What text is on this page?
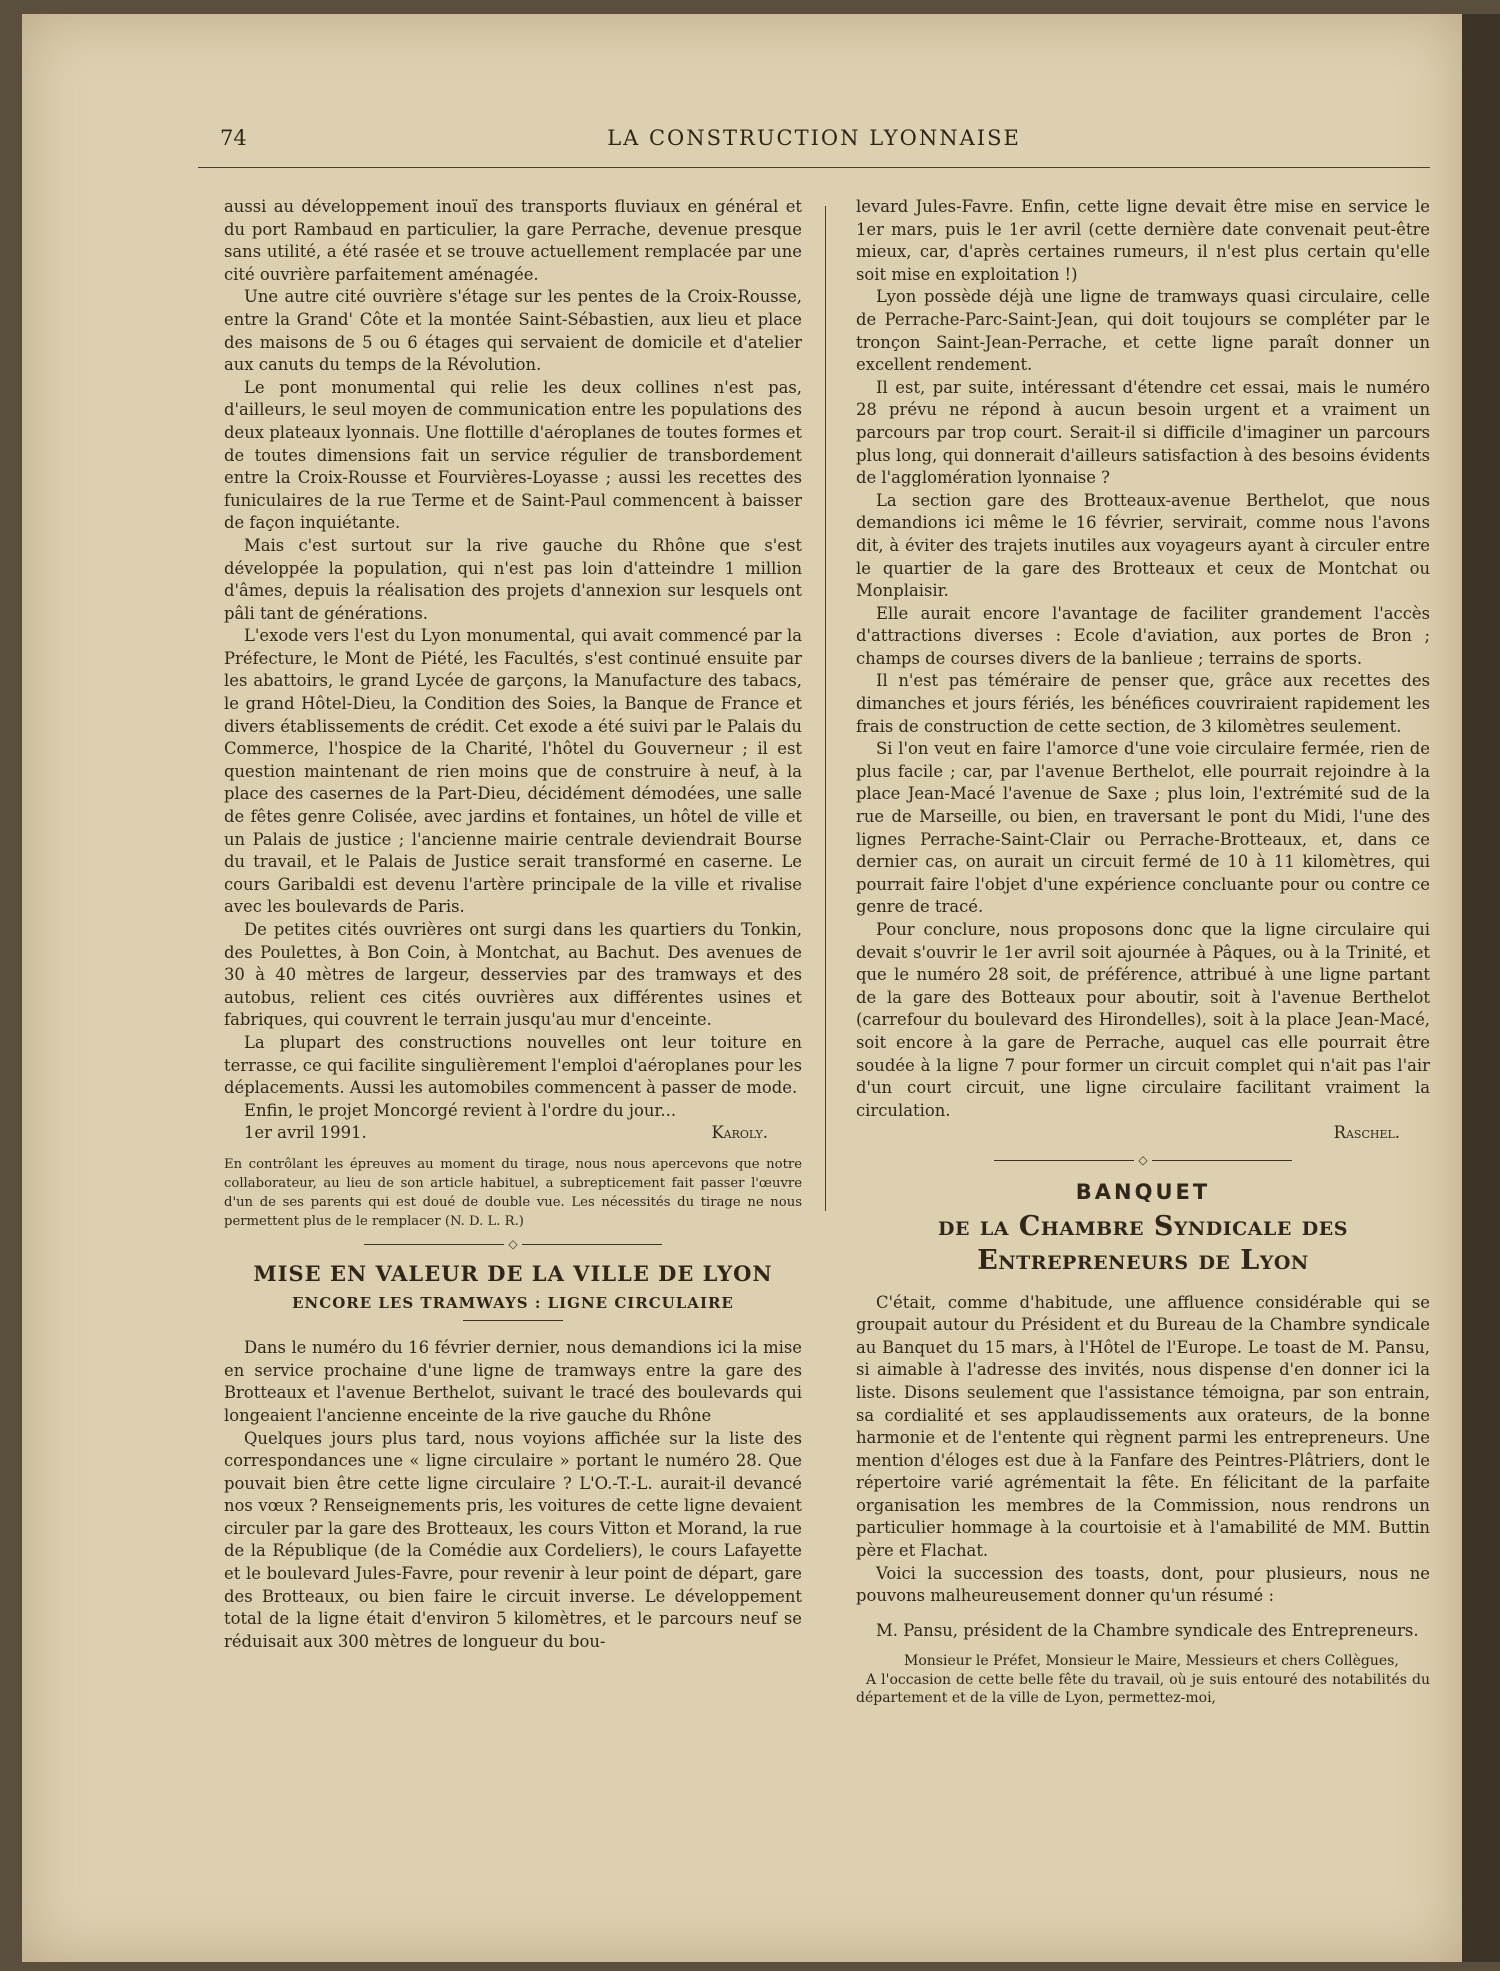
74	LA CONSTRUCTION LYONNAISE

aussi au développement inouï des transports fluviaux en général et du port Rambaud en particulier, la gare Perrache, devenue presque sans utilité, a été rasée et se trouve actuellement remplacée par une cité ouvrière parfaitement aménagée.

Une autre cité ouvrière s'étage sur les pentes de la Croix-Rousse, entre la Grand' Côte et la montée Saint-Sébastien, aux lieu et place des maisons de 5 ou 6 étages qui servaient de domicile et d'atelier aux canuts du temps de la Révolution.

Le pont monumental qui relie les deux collines n'est pas, d'ailleurs, le seul moyen de communication entre les populations des deux plateaux lyonnais. Une flottille d'aéroplanes de toutes formes et de toutes dimensions fait un service régulier de transbordement entre la Croix-Rousse et Fourvières-Loyasse ; aussi les recettes des funiculaires de la rue Terme et de Saint-Paul commencent à baisser de façon inquiétante.

Mais c'est surtout sur la rive gauche du Rhône que s'est développée la population, qui n'est pas loin d'atteindre 1 million d'âmes, depuis la réalisation des projets d'annexion sur lesquels ont pâli tant de générations.

L'exode vers l'est du Lyon monumental, qui avait commencé par la Préfecture, le Mont de Piété, les Facultés, s'est continué ensuite par les abattoirs, le grand Lycée de garçons, la Manufacture des tabacs, le grand Hôtel-Dieu, la Condition des Soies, la Banque de France et divers établissements de crédit. Cet exode a été suivi par le Palais du Commerce, l'hospice de la Charité, l'hôtel du Gouverneur ; il est question maintenant de rien moins que de construire à neuf, à la place des casernes de la Part-Dieu, décidément démodées, une salle de fêtes genre Colisée, avec jardins et fontaines, un hôtel de ville et un Palais de justice ; l'ancienne mairie centrale deviendrait Bourse du travail, et le Palais de Justice serait transformé en caserne. Le cours Garibaldi est devenu l'artère principale de la ville et rivalise avec les boulevards de Paris.

De petites cités ouvrières ont surgi dans les quartiers du Tonkin, des Poulettes, à Bon Coin, à Montchat, au Bachut. Des avenues de 30 à 40 mètres de largeur, desservies par des tramways et des autobus, relient ces cités ouvrières aux différentes usines et fabriques, qui couvrent le terrain jusqu'au mur d'enceinte.

La plupart des constructions nouvelles ont leur toiture en terrasse, ce qui facilite singulièrement l'emploi d'aéroplanes pour les déplacements. Aussi les automobiles commencent à passer de mode.

Enfin, le projet Moncorgé revient à l'ordre du jour...

1er avril 1991.	Karoly.

En contrôlant les épreuves au moment du tirage, nous nous apercevons que notre collaborateur, au lieu de son article habituel, a subrepticement fait passer l'œuvre d'un de ses parents qui est doué de double vue. Les nécessités du tirage ne nous permettent plus de le remplacer (N. D. L. R.)

◇
MISE EN VALEUR DE LA VILLE DE LYON
ENCORE LES TRAMWAYS : LIGNE CIRCULAIRE

Dans le numéro du 16 février dernier, nous demandions ici la mise en service prochaine d'une ligne de tramways entre la gare des Brotteaux et l'avenue Berthelot, suivant le tracé des boulevards qui longeaient l'ancienne enceinte de la rive gauche du Rhône

Quelques jours plus tard, nous voyions affichée sur la liste des correspondances une « ligne circulaire » portant le numéro 28. Que pouvait bien être cette ligne circulaire ? L'O.-T.-L. aurait-il devancé nos vœux ? Renseignements pris, les voitures de cette ligne devaient circuler par la gare des Brotteaux, les cours Vitton et Morand, la rue de la République (de la Comédie aux Cordeliers), le cours Lafayette et le boulevard Jules-Favre, pour revenir à leur point de départ, gare des Brotteaux, ou bien faire le circuit inverse. Le développement total de la ligne était d'environ 5 kilomètres, et le parcours neuf se réduisait aux 300 mètres de longueur du bou-

levard Jules-Favre. Enfin, cette ligne devait être mise en service le 1er mars, puis le 1er avril (cette dernière date convenait peut-être mieux, car, d'après certaines rumeurs, il n'est plus certain qu'elle soit mise en exploitation !)

Lyon possède déjà une ligne de tramways quasi circulaire, celle de Perrache-Parc-Saint-Jean, qui doit toujours se compléter par le tronçon Saint-Jean-Perrache, et cette ligne paraît donner un excellent rendement.

Il est, par suite, intéressant d'étendre cet essai, mais le numéro 28 prévu ne répond à aucun besoin urgent et a vraiment un parcours par trop court. Serait-il si difficile d'imaginer un parcours plus long, qui donnerait d'ailleurs satisfaction à des besoins évidents de l'agglomération lyonnaise ?

La section gare des Brotteaux-avenue Berthelot, que nous demandions ici même le 16 février, servirait, comme nous l'avons dit, à éviter des trajets inutiles aux voyageurs ayant à circuler entre le quartier de la gare des Brotteaux et ceux de Montchat ou Monplaisir.

Elle aurait encore l'avantage de faciliter grandement l'accès d'attractions diverses : Ecole d'aviation, aux portes de Bron ; champs de courses divers de la banlieue ; terrains de sports.

Il n'est pas téméraire de penser que, grâce aux recettes des dimanches et jours fériés, les bénéfices couvriraient rapidement les frais de construction de cette section, de 3 kilomètres seulement.

Si l'on veut en faire l'amorce d'une voie circulaire fermée, rien de plus facile ; car, par l'avenue Berthelot, elle pourrait rejoindre à la place Jean-Macé l'avenue de Saxe ; plus loin, l'extrémité sud de la rue de Marseille, ou bien, en traversant le pont du Midi, l'une des lignes Perrache-Saint-Clair ou Perrache-Brotteaux, et, dans ce dernier cas, on aurait un circuit fermé de 10 à 11 kilomètres, qui pourrait faire l'objet d'une expérience concluante pour ou contre ce genre de tracé.

Pour conclure, nous proposons donc que la ligne circulaire qui devait s'ouvrir le 1er avril soit ajournée à Pâques, ou à la Trinité, et que le numéro 28 soit, de préférence, attribué à une ligne partant de la gare des Botteaux pour aboutir, soit à l'avenue Berthelot (carrefour du boulevard des Hirondelles), soit à la place Jean-Macé, soit encore à la gare de Perrache, auquel cas elle pourrait être soudée à la ligne 7 pour former un circuit complet qui n'ait pas l'air d'un court circuit, une ligne circulaire facilitant vraiment la circulation.

Raschel.

◇
BANQUET
de la Chambre Syndicale des Entrepreneurs de Lyon

C'était, comme d'habitude, une affluence considérable qui se groupait autour du Président et du Bureau de la Chambre syndicale au Banquet du 15 mars, à l'Hôtel de l'Europe. Le toast de M. Pansu, si aimable à l'adresse des invités, nous dispense d'en donner ici la liste. Disons seulement que l'assistance témoigna, par son entrain, sa cordialité et ses applaudissements aux orateurs, de la bonne harmonie et de l'entente qui règnent parmi les entrepreneurs. Une mention d'éloges est due à la Fanfare des Peintres-Plâtriers, dont le répertoire varié agrémentait la fête. En félicitant de la parfaite organisation les membres de la Commission, nous rendrons un particulier hommage à la courtoisie et à l'amabilité de MM. Buttin père et Flachat.

Voici la succession des toasts, dont, pour plusieurs, nous ne pouvons malheureusement donner qu'un résumé :

M. Pansu, président de la Chambre syndicale des Entrepreneurs.

Monsieur le Préfet, Monsieur le Maire, Messieurs et chers Collègues,

A l'occasion de cette belle fête du travail, où je suis entouré des notabilités du département et de la ville de Lyon, permettez-moi,
